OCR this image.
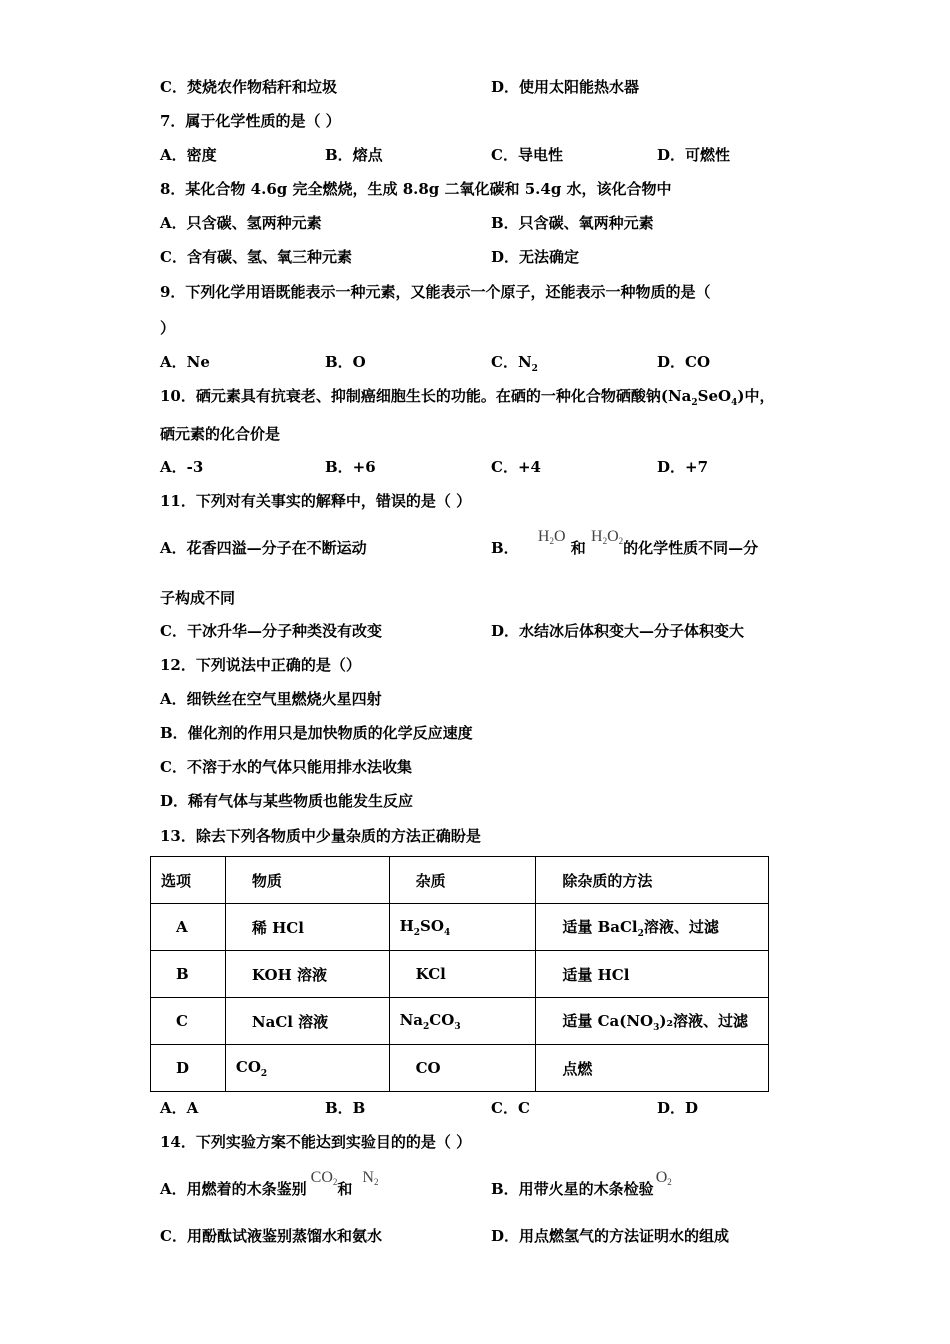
C．焚烧农作物秸秆和垃圾	D．使用太阳能热水器
7．属于化学性质的是（ ）
A．密度	B．熔点	C．导电性	D．可燃性
8．某化合物 4.6g 完全燃烧，生成 8.8g 二氧化碳和 5.4g 水，该化合物中
A．只含碳、氢两种元素	B．只含碳、氧两种元素
C．含有碳、氢、氧三种元素	D．无法确定
9．下列化学用语既能表示一种元素，又能表示一个原子，还能表示一种物质的是（
）
A．Ne	B．O	C．$N_2$	D．CO
10．硒元素具有抗衰老、抑制癌细胞生长的功能。在硒的一种化合物硒酸钠$(Na_2SeO_4)$中，
硒元素的化合价是
A．-3	B．+6	C．+4	D．+7
11．下列对有关事实的解释中，错误的是（ ）
A．花香四溢—分子在不断运动	B． H2O 和 H2O2的化学性质不同—分
子构成不同
C．干冰升华—分子种类没有改变	D．水结冰后体积变大—分子体积变大
12．下列说法中正确的是（）
A．细铁丝在空气里燃烧火星四射
B．催化剂的作用只是加快物质的化学反应速度
C．不溶于水的气体只能用排水法收集
D．稀有气体与某些物质也能发生反应
13．除去下列各物质中少量杂质的方法正确盼是
选项	物质	杂质	除杂质的方法
A	稀 HCl	$H_2SO_4$	适量 BaCl$_2$溶液、过滤
B	KOH 溶液	KCl	适量 HCl
C	NaCl 溶液	$Na_2CO_3$	适量 $Ca(NO_3)_2$溶液、过滤
D	$CO_2$	CO	点燃
A．A	B．B	C．C	D．D
14．下列实验方案不能达到实验目的的是（ ）
A．用燃着的木条鉴别CO2和N2	B．用带火星的木条检验O2
C．用酚酞试液鉴别蒸馏水和氨水	D．用点燃氢气的方法证明水的组成
